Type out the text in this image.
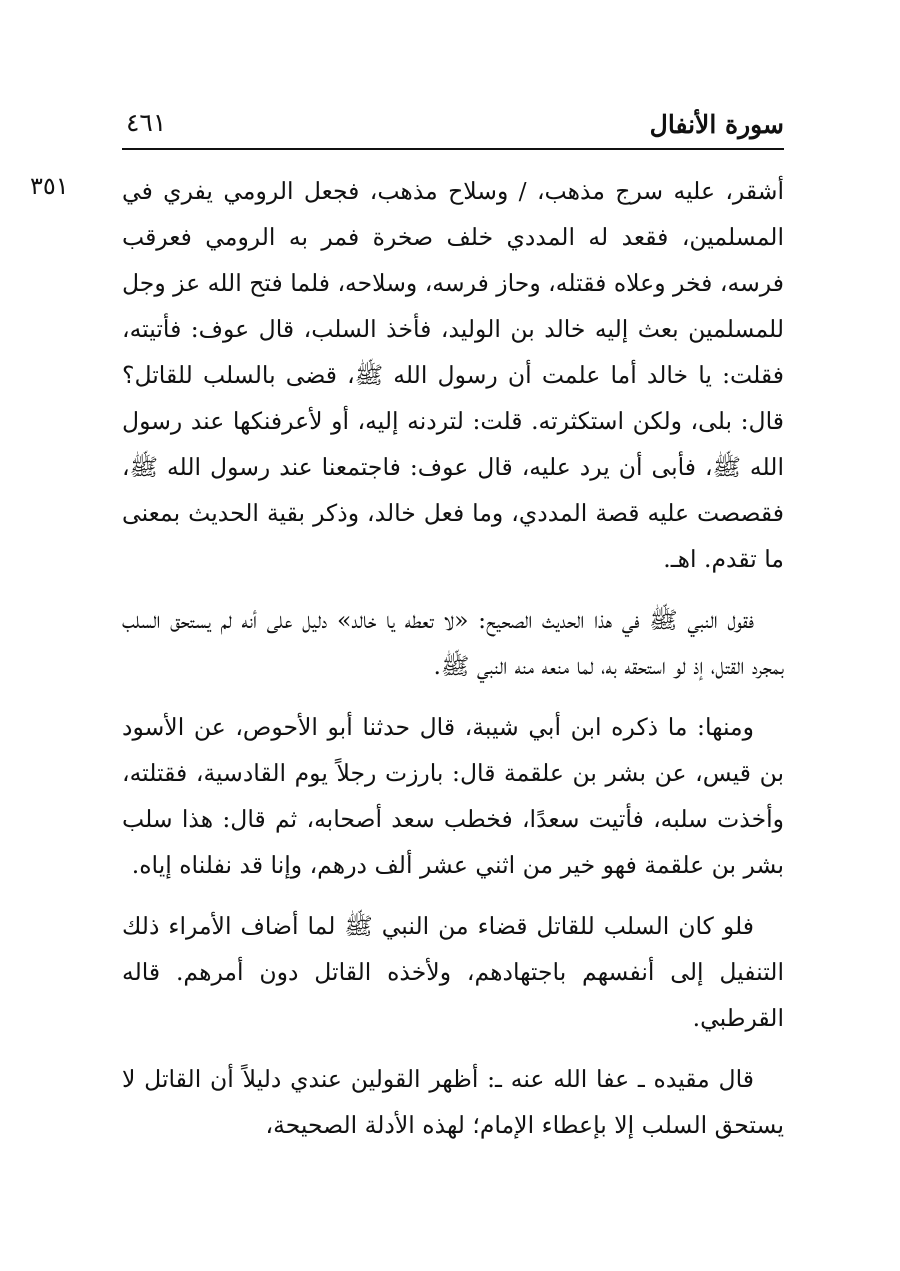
سورة الأنفال
٤٦١
٣٥١ أشقر، عليه سرج مذهب، / وسلاح مذهب، فجعل الرومي يفري في المسلمين، فقعد له المددي خلف صخرة فمر به الرومي فعرقب فرسه، فخر وعلاه فقتله، وحاز فرسه، وسلاحه، فلما فتح الله عز وجل للمسلمين بعث إليه خالد بن الوليد، فأخذ السلب، قال عوف: فأتيته، فقلت: يا خالد أما علمت أن رسول الله ﷺ، قضى بالسلب للقاتل؟ قال: بلى، ولكن استكثرته. قلت: لتردنه إليه، أو لأعرفنكها عند رسول الله ﷺ، فأبى أن يرد عليه، قال عوف: فاجتمعنا عند رسول الله ﷺ، فقصصت عليه قصة المددي، وما فعل خالد، وذكر بقية الحديث بمعنى ما تقدم. اهـ.

فقول النبي ﷺ في هذا الحديث الصحيح: «لا تعطه يا خالد» دليل على أنه لم يستحق السلب بمجرد القتل، إذ لو استحقه به، لما منعه منه النبي ﷺ.

ومنها: ما ذكره ابن أبي شيبة، قال حدثنا أبو الأحوص، عن الأسود بن قيس، عن بشر بن علقمة قال: بارزت رجلاً يوم القادسية، فقتلته، وأخذت سلبه، فأتيت سعدًا، فخطب سعد أصحابه، ثم قال: هذا سلب بشر بن علقمة فهو خير من اثني عشر ألف درهم، وإنا قد نفلناه إياه.

فلو كان السلب للقاتل قضاء من النبي ﷺ لما أضاف الأمراء ذلك التنفيل إلى أنفسهم باجتهادهم، ولأخذه القاتل دون أمرهم. قاله القرطبي.

قال مقيده ـ عفا الله عنه ـ: أظهر القولين عندي دليلاً أن القاتل لا يستحق السلب إلا بإعطاء الإمام؛ لهذه الأدلة الصحيحة،
